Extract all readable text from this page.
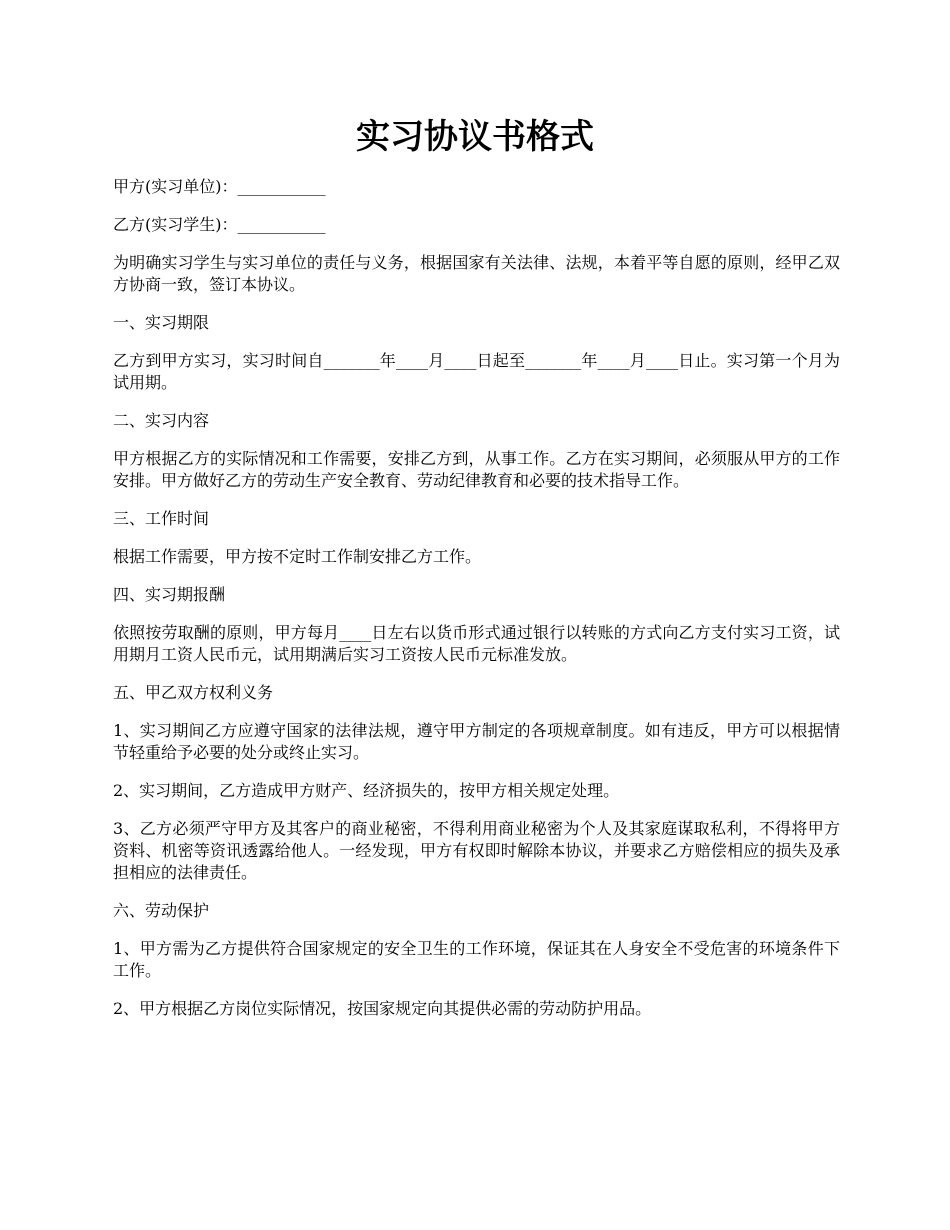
实习协议书格式

甲方(实习单位)：___________

乙方(实习学生)：___________

为明确实习学生与实习单位的责任与义务，根据国家有关法律、法规，本着平等自愿的原则，经甲乙双方协商一致，签订本协议。

一、实习期限

乙方到甲方实习，实习时间自_______年____月____日起至_______年____月____日止。实习第一个月为试用期。

二、实习内容

甲方根据乙方的实际情况和工作需要，安排乙方到，从事工作。乙方在实习期间，必须服从甲方的工作安排。甲方做好乙方的劳动生产安全教育、劳动纪律教育和必要的技术指导工作。

三、工作时间

根据工作需要，甲方按不定时工作制安排乙方工作。

四、实习期报酬

依照按劳取酬的原则，甲方每月____日左右以货币形式通过银行以转账的方式向乙方支付实习工资，试用期月工资人民币元，试用期满后实习工资按人民币元标准发放。

五、甲乙双方权利义务

1、实习期间乙方应遵守国家的法律法规，遵守甲方制定的各项规章制度。如有违反，甲方可以根据情节轻重给予必要的处分或终止实习。

2、实习期间，乙方造成甲方财产、经济损失的，按甲方相关规定处理。

3、乙方必须严守甲方及其客户的商业秘密，不得利用商业秘密为个人及其家庭谋取私利，不得将甲方资料、机密等资讯透露给他人。一经发现，甲方有权即时解除本协议，并要求乙方赔偿相应的损失及承担相应的法律责任。

六、劳动保护

1、甲方需为乙方提供符合国家规定的安全卫生的工作环境，保证其在人身安全不受危害的环境条件下工作。

2、甲方根据乙方岗位实际情况，按国家规定向其提供必需的劳动防护用品。
